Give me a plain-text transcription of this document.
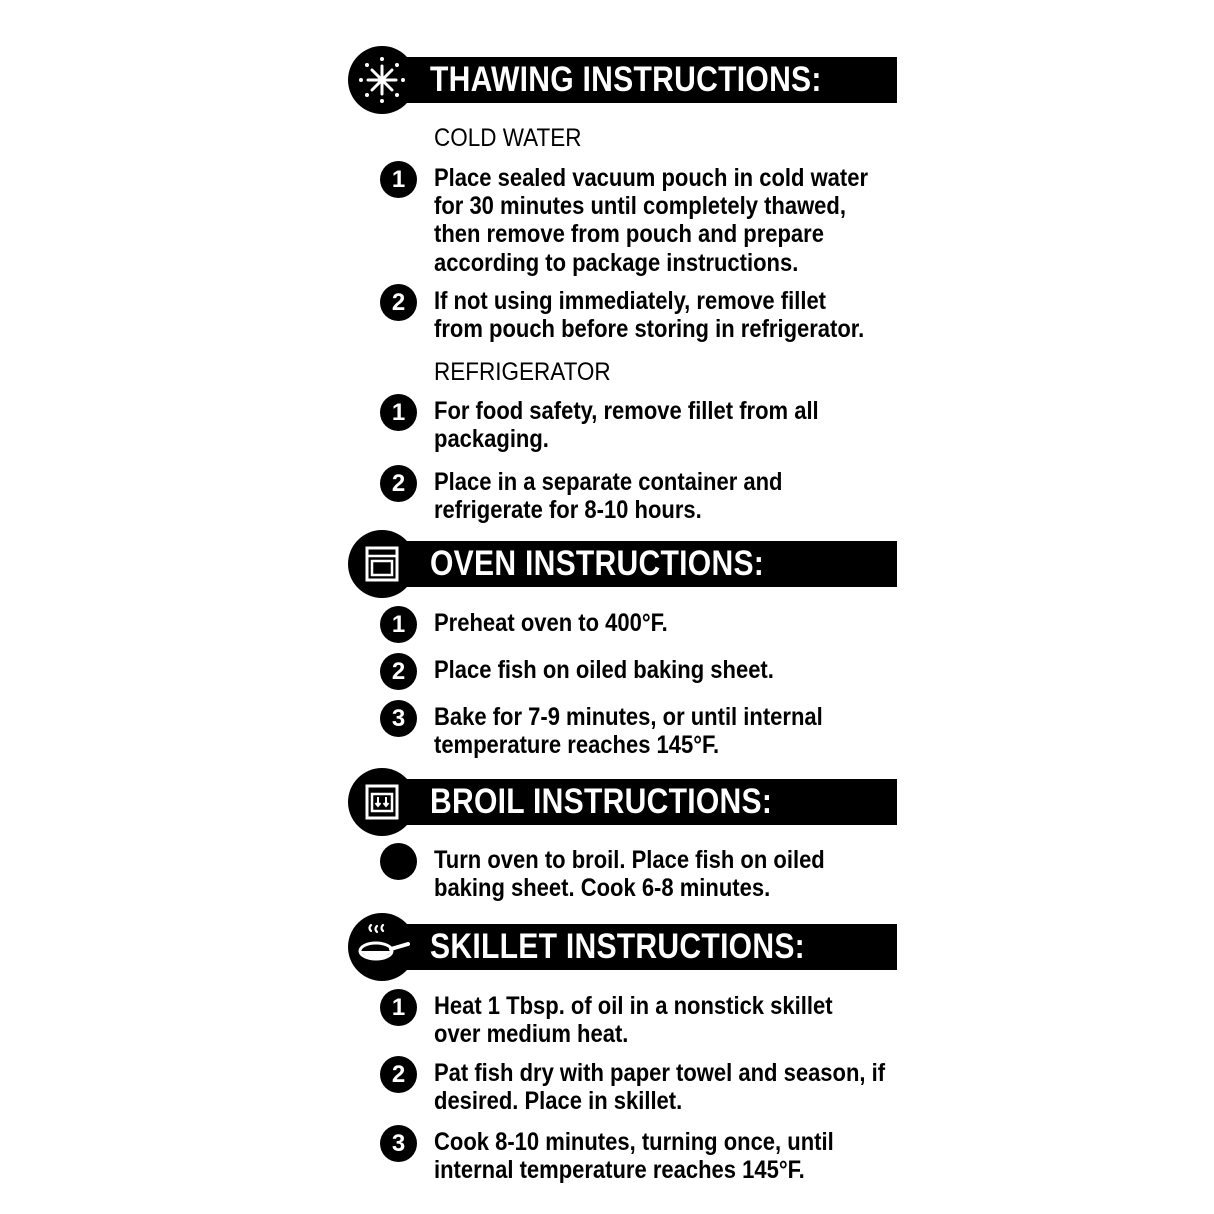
THAWING INSTRUCTIONS:
COLD WATER
1	Place sealed vacuum pouch in cold water
for 30 minutes until completely thawed,
then remove from pouch and prepare
according to package instructions.
2	If not using immediately, remove fillet
from pouch before storing in refrigerator.
REFRIGERATOR
1	For food safety, remove fillet from all
packaging.
2	Place in a separate container and
refrigerate for 8-10 hours.
OVEN INSTRUCTIONS:
1	Preheat oven to 400°F.
2	Place fish on oiled baking sheet.
3	Bake for 7-9 minutes, or until internal
temperature reaches 145°F.
BROIL INSTRUCTIONS:
Turn oven to broil. Place fish on oiled
baking sheet. Cook 6-8 minutes.
SKILLET INSTRUCTIONS:
1	Heat 1 Tbsp. of oil in a nonstick skillet
over medium heat.
2	Pat fish dry with paper towel and season, if
desired. Place in skillet.
3	Cook 8-10 minutes, turning once, until
internal temperature reaches 145°F.
